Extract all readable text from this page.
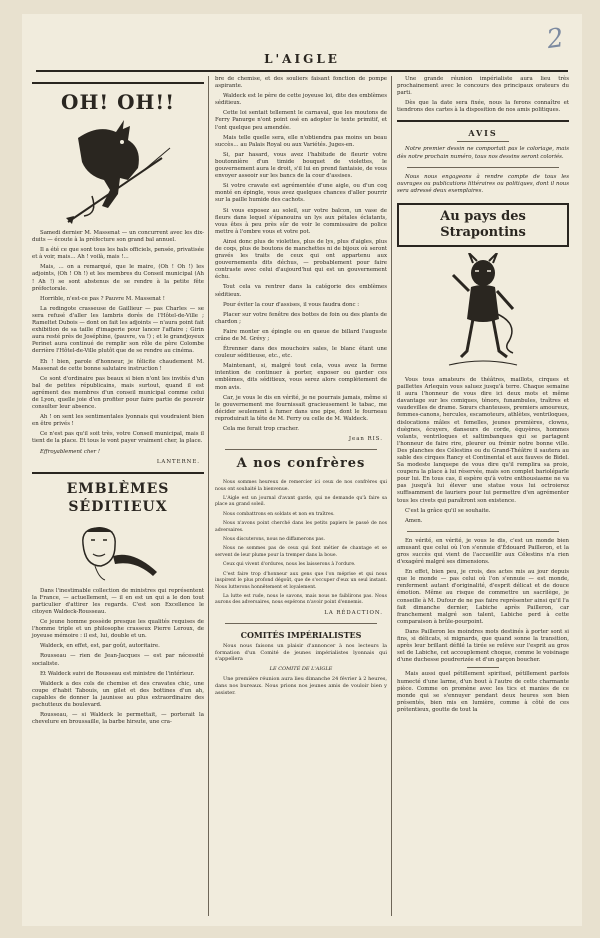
2
L'AIGLE
OH! OH!!

Samedi dernier M. Massenat — un concurrent avec les dix-duits — écoute à la préfecture son grand bal annuel.

Il a été ce que sont tous les bals officiels, pensée, privatisée et à voir, mais… Ah ! voilà, mais !…

Mais, … on a remarqué, que le maire, (Oh ! Oh !) les adjoints, (Oh ! Oh !) et les membres du Conseil municipal (Ah ! Ah !) se sont abstenus de se rendre à la petite fête préfectorale.

Horrible, n'est-ce pas ? Pauvre M. Massenat !

La redingote crasseuse de Gaillieur — pas Charles — se sera refusé d'aller les lambris dorés de l'Hôtel-de-Ville ; Rameltet Dubois — dont on fait les adjoints — n'aura point fait exhibition de sa taille d'imagerie pour lancer l'affaire ; Girin aura resté près de Joséphine, (pauvre, va !) ; et le grandjoyeux Perinet aura continué de remplir son rôle de père Colombe derrière l'Hôtel-de-Ville plutôt que de se rendre au cinéma.

Eh ! bien, parole d'honneur, je félicite chaudement M. Massenat de cette bonne salutaire instruction !

Ce sont d'ordinaire pas beaux si bien n'ont les invités d'un bal de petites républicains, mais surtout, quand il est agrément des membres d'un conseil municipal comme celui de Lyon, quelle joie d'en profiter pour faire partie de pouvoir consulter leur absence.

Ah ! on sent les sentimentales lyonnais qui voudraient bien en être privés !

Ce n'est pas qu'il soit très, votre Conseil municipal, mais il tient de la place. Et tous le vont payer vraiment cher, la place.

Effroyablement cher !

LANTERNE.
EMBLÈMES SÉDITIEUX

Dans l'inestimable collection de ministres qui représentent la France, — actuellement, — il en est un qui a le don tout particulier d'attirer les regards. C'est son Excellence le citoyen Waldeck-Rousseau.

Ce jeune homme possède presque les qualités requises de l'homme triple et un philosophe crasseux Pierre Leroux, de joyeuse mémoire : il est, lui, double et un.

Waldeck, en effet, est, par goût, autoritaire.

Rousseau — rien de Jean-Jacques — est par nécessité socialiste.

Et Waldeck suivi de Rousseau est ministre de l'intérieur.

Waldeck a des cols de chemise et des cravates chic, une coupe d'habit Tabouis, un gilet et des bottines d'un ah, capables de donner la jaunisse au plus extraordinaire des pschutteux du boulevard.

Rousseau, — si Waldeck le permettait, — porterait la chevelure en broussaille, la barbe hirsute, une cra-

bre de chemise, et des souliers faisant fonction de pompe aspirante.

Waldeck est le père de cette joyeuse loi, dite des emblèmes séditieux.

Cette loi sentait tellement le carnaval, que les moutons de Ferry Panurge n'ont point osé en adopter le texte primitif, et l'ont quelque peu amendée.

Mais telle quelle sera, elle n'obtiendra pas moins un beau succès… au Palais Royal ou aux Variétés. Juges-en.

Si, par hasard, vous avez l'habitude de fleurir votre boutonnière d'un timide bouquet de violettes, le gouvernement aura le droit, s'il lui en prend fantaisie, de vous envoyer asseoir sur les bancs de la cour d'assises.

Si votre cravate est agrémentée d'une aigle, ou d'un coq monté en épingle, vous avez quelques chances d'aller pourrir sur la paille humide des cachots.

Si vous exposez au soleil, sur votre balcon, un vase de fleurs dans lequel s'épanouira un lys aux pétales éclatants, vous êtes à peu près sûr de voir le commissaire de police mettre à l'ombre vous et votre pot.

Ainsi donc plus de violettes, plus de lys, plus d'aigles, plus de coqs, plus de boutons de manchettes ni de bijoux où seront gravés les traits de ceux qui ont appartenu aux gouvernements dits déchus, — probablement pour faire contraste avec celui d'aujourd'hui qui est un gouvernement échu.

Tout cela va rentrer dans la catégorie des emblèmes séditieux.

Pour éviter la cour d'assises, il vous faudra donc :

Placer sur votre fenêtre des bottes de foin ou des plants de chardon ;

Faire monter en épingle ou en queue de billard l'auguste crâne de M. Grévy ;

Étrenner dans des mouchoirs sales, le blanc étant une couleur séditieuse, etc., etc.

Maintenant, si, malgré tout cela, vous avez la ferme intention de continuer à porter, exposer ou garder ces emblèmes, dits séditieux, vous serez alors complètement de mon avis.

Car, je vous le dis en vérité, je ne pourrais jamais, même si le gouvernement me fournissait gracieusement le tabac, me décider seulement à fumer dans une pipe, dont le fourneau reproduirait la tête de M. Ferry ou celle de M. Waldeck.

Cela me ferait trop cracher.

Jean RIS.
A nos confrères

Nous sommes heureux de remercier ici ceux de nos confrères qui nous ont souhaité la bienvenue.

L'Aigle est un journal d'avant garde, qui ne demande qu'à faire sa place au grand soleil.

Nous combattrons en soldats et non en traîtres.

Nous n'avons point cherché dans les petits papiers le passé de nos adversaires.

Nous discuterons, nous ne diffamerons pas.

Nous ne sommes pas de ceux qui font métier de chantage et se servent de leur plume pour la tremper dans la boue.

Ceux qui vivent d'ordures, nous les laisserons à l'ordure.

C'est faire trop d'honneur aux gens que l'on méprise et qui nous inspirent le plus profond dégoût, que de s'occuper d'eux un seul instant. Nous lutterons honnêtement et loyalement.

La lutte est rude, nous le savons, mais nous ne faiblirons pas. Nous aurons des adversaires, nous espérons n'avoir point d'ennemis.

LA RÉDACTION.
COMITÉS IMPÉRIALISTES

Nous nous faisons un plaisir d'annoncer à nos lecteurs la formation d'un Comité de jeunes impérialistes lyonnais qui s'appellera

LE COMITÉ DE L'AIGLE

Une première réunion aura lieu dimanche 24 février à 2 heures, dans nos bureaux. Nous prions nos jeunes amis de vouloir bien y assister.

Une grande réunion impérialiste aura lieu très prochainement avec le concours des principaux orateurs du parti.

Dès que la date sera fixée, nous la ferons connaître et tiendrons des cartes à la disposition de nos amis politiques.

AVIS

Notre premier dessin ne comportait pas le coloriage, mais dès notre prochain numéro, tous nos dessins seront coloriés.

Nous nous engageons à rendre compte de tous les ouvrages ou publications littéraires ou politiques, dont il nous sera adressé deux exemplaires.

Au pays des Strapontins

Vous tous amateurs de théâtres, maillots, cirques et paillettes Arlequin vous saluez jusqu'à terre. Chaque semaine il aura l'honneur de vous dire ici deux mots et même davantage sur les comiques, ténors, funambules, traîtres et vaudevilles de drame. Sœurs chanteuses, premiers amoureux, femmes-canons, hercules, escamoteurs, athlètes, ventriloques, dislocations mâles et femelles, jeunes premières, clowns, duègnes, écuyers, danseurs de corde, équyères, hommes volants, ventriloques et saltimbanques qui se partagent l'honneur de faire rire, pleurer ou frémir notre bonne ville. Des planches des Célestins ou du Grand-Théâtre il sautera au sable des cirques Rancy et Continental et aux fauves de Bidel. Sa modeste lanquepe de vous dire qu'il remplira sa proie, coupera la place à lui réservée, mais son complet barioléparle pour lui. En tous cas, il espère qu'à votre enthousiasme ne va pas jusqu'à lui élever une statue vous lui octroierez suffisamment de lauriers pour lui permettre d'en agrémenter tous les civets qui paraîtront son existence.

C'est la grâce qu'il se souhaite.

Amen.

En vérité, en vérité, je vous le dis, c'est un monde bien amusant que celui où l'on s'ennuie d'Édouard Pailleron, et la gros succès qui vient de l'accueillir aux Célestins n'a rien d'exagéré malgré ses dimensions.

En effet, bien peu, je crois, des actes mis au jour depuis que le monde — pas celui où l'on s'ennuie — est monde, renferment autant d'originalité, d'esprit délicat et de douce émotion. Même au risque de commettre un sacrilège, je conseille à M. Dufour de ne pas faire représenter ainsi qu'il l'a fait dimanche dernier, Labiche après Pailleron, car franchement malgré son talent, Labiche perd à cette comparaison à brûle-pourpoint.

Dans Pailleron les moindres mots destinés à porter sont si fins, si délicats, si mignards, que quand sonne la transition, après leur brillant défilé la tirée se relève sur l'esprit au gros sel de Labiche, cet accouplement choque, comme le voisinage d'une duchesse poudrerizée et d'un garçon boucher.

Mais aussi quel pétillement spirituel, pétillement parfois humecté d'une larme, d'un bout à l'autre de cette charmante pièce. Comme on promène avec les tics et manies de ce monde qui se s'ennuyer pendant deux heures son bien présentés, bien mis en lumière, comme à côté de ces prétentieux, goutte de tout la
